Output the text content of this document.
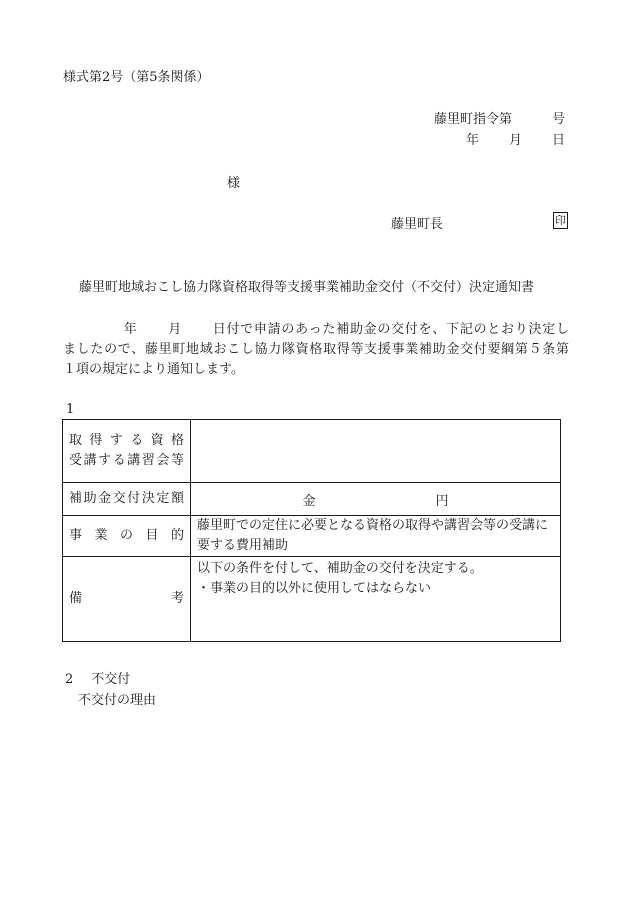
様式第2号（第5条関係）
藤里町指令第	号
年 月 日
様
藤里町長	印
藤里町地域おこし協力隊資格取得等支援事業補助金交付（不交付）決定通知書
年 月 日付で申請のあった補助金の交付を、下記のとおり決定し
ましたので、藤里町地域おこし協力隊資格取得等支援事業補助金交付要綱第５条第
１項の規定により通知します。
1
取得する資格
受講する講習会等	

補助金交付決定額	金 円

事業の目的	藤里町での定住に必要となる資格の取得や講習会等の受講に要する費用補助

備考	以下の条件を付して、補助金の交付を決定する。
・事業の目的以外に使用してはならない
2 不交付
不交付の理由
